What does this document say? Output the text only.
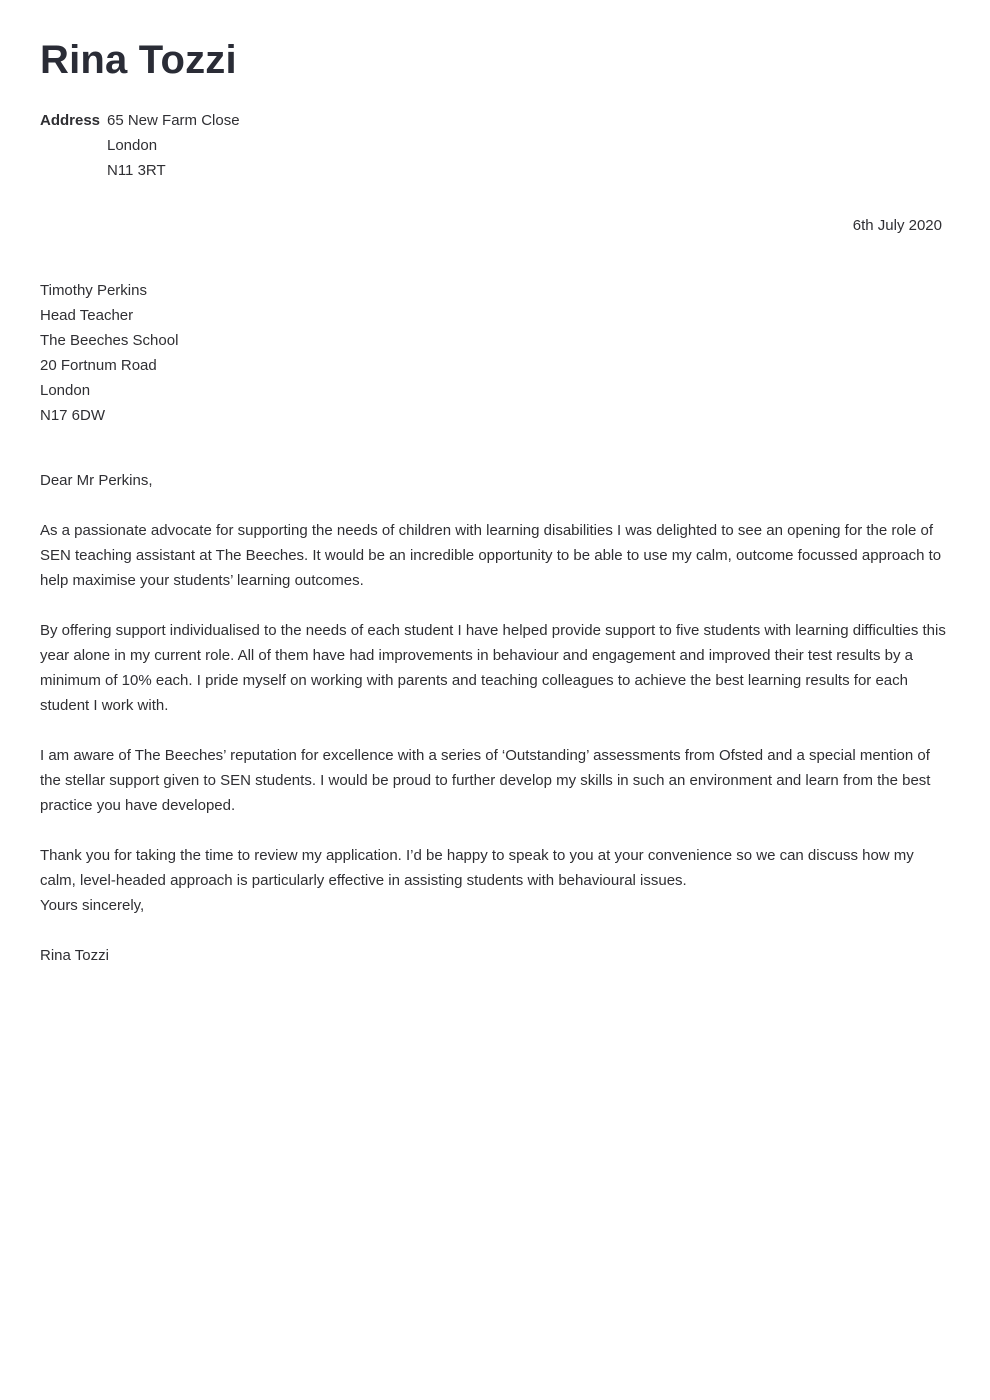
Rina Tozzi
Address 65 New Farm Close
London
N11 3RT
6th July 2020
Timothy Perkins
Head Teacher
The Beeches School
20 Fortnum Road
London
N17 6DW
Dear Mr Perkins,

As a passionate advocate for supporting the needs of children with learning disabilities I was delighted to see an opening for the role of SEN teaching assistant at The Beeches. It would be an incredible opportunity to be able to use my calm, outcome focussed approach to help maximise your students’ learning outcomes.

By offering support individualised to the needs of each student I have helped provide support to five students with learning difficulties this year alone in my current role. All of them have had improvements in behaviour and engagement and improved their test results by a minimum of 10% each. I pride myself on working with parents and teaching colleagues to achieve the best learning results for each student I work with.

I am aware of The Beeches’ reputation for excellence with a series of ‘Outstanding’ assessments from Ofsted and a special mention of the stellar support given to SEN students. I would be proud to further develop my skills in such an environment and learn from the best practice you have developed.

Thank you for taking the time to review my application. I’d be happy to speak to you at your convenience so we can discuss how my calm, level-headed approach is particularly effective in assisting students with behavioural issues.

Yours sincerely,
Rina Tozzi
